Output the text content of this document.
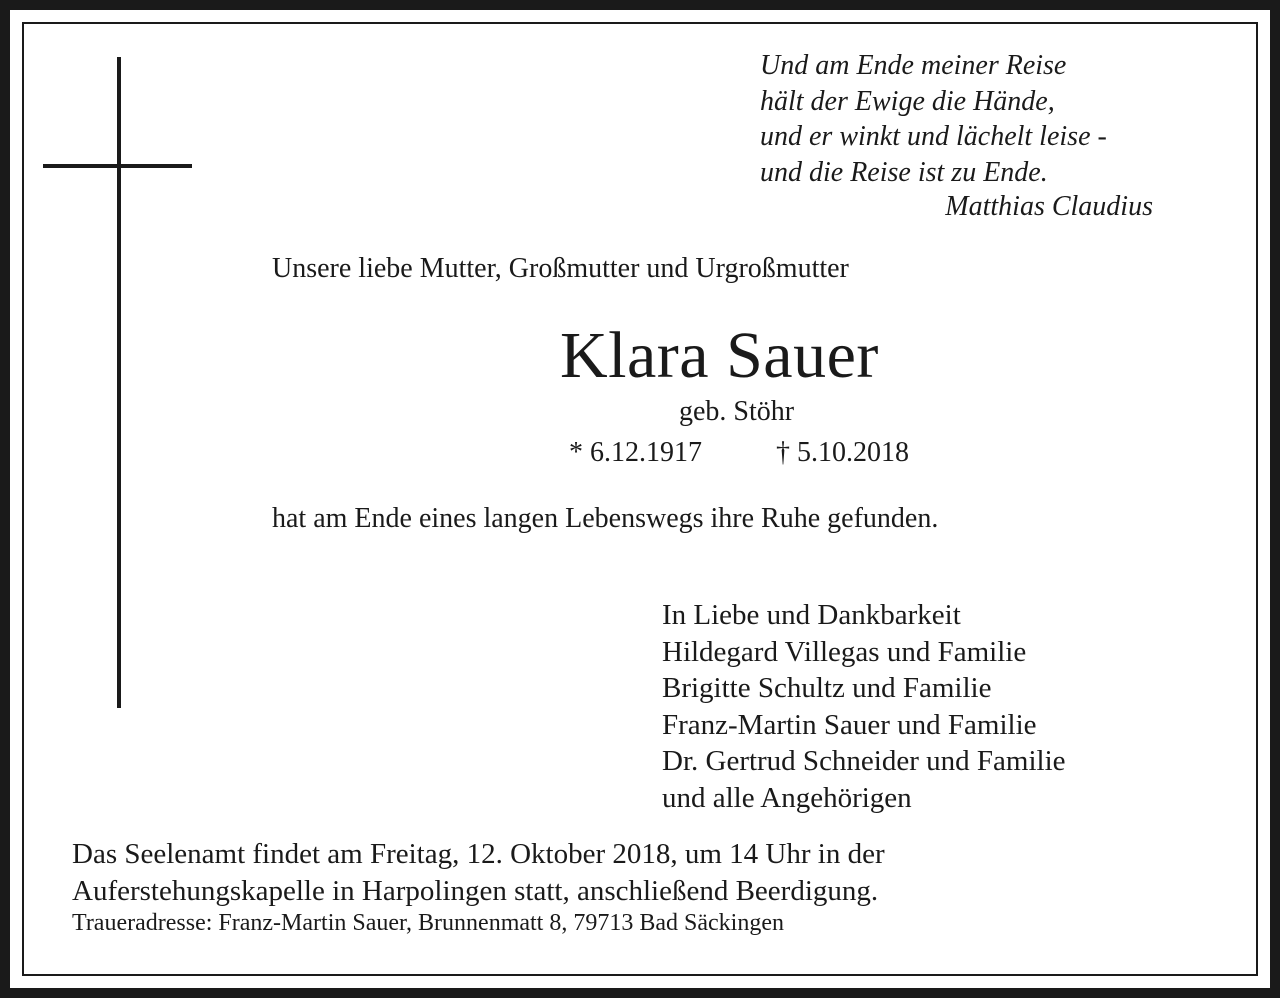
Und am Ende meiner Reise
hält der Ewige die Hände,
und er winkt und lächelt leise -
und die Reise ist zu Ende.
Matthias Claudius
Unsere liebe Mutter, Großmutter und Urgroßmutter
Klara Sauer
geb. Stöhr
* 6.12.1917	† 5.10.2018
hat am Ende eines langen Lebenswegs ihre Ruhe gefunden.
In Liebe und Dankbarkeit
Hildegard Villegas und Familie
Brigitte Schultz und Familie
Franz-Martin Sauer und Familie
Dr. Gertrud Schneider und Familie
und alle Angehörigen
Das Seelenamt findet am Freitag, 12. Oktober 2018, um 14 Uhr in der
Auferstehungskapelle in Harpolingen statt, anschließend Beerdigung.
Traueradresse: Franz-Martin Sauer, Brunnenmatt 8, 79713 Bad Säckingen
